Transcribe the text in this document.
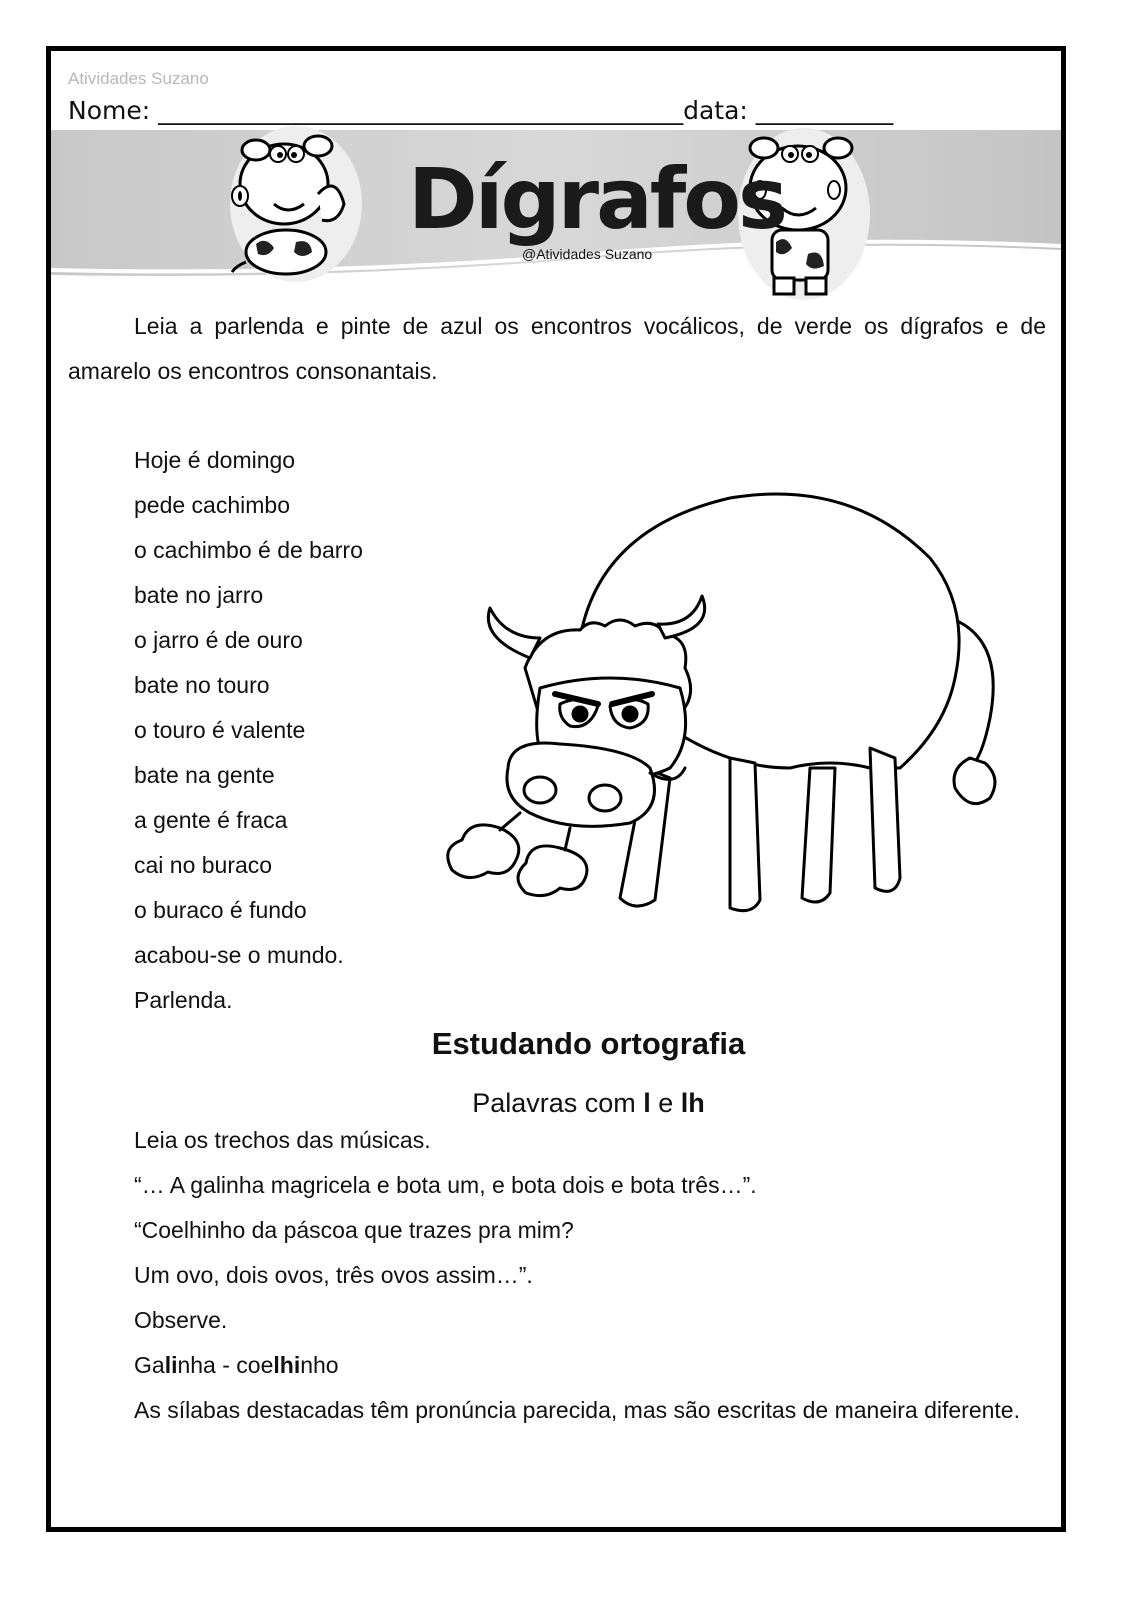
Atividades Suzano
Nome: __________________________________________data: ___________
Dígrafos
@Atividades Suzano
Leia a parlenda e pinte de azul os encontros vocálicos, de verde os dígrafos e de amarelo os encontros consonantais.
Hoje é domingo
pede cachimbo
o cachimbo é de barro
bate no jarro
o jarro é de ouro
bate no touro
o touro é valente
bate na gente
a gente é fraca
cai no buraco
o buraco é fundo
acabou-se o mundo.
Parlenda.
Estudando ortografia
Palavras com l e lh
Leia os trechos das músicas.
“… A galinha magricela e bota um, e bota dois e bota três…”.
“Coelhinho da páscoa que trazes pra mim?
Um ovo, dois ovos, três ovos assim…”.
Observe.
Galinha - coelhinho
As sílabas destacadas têm pronúncia parecida, mas são escritas de maneira diferente.
